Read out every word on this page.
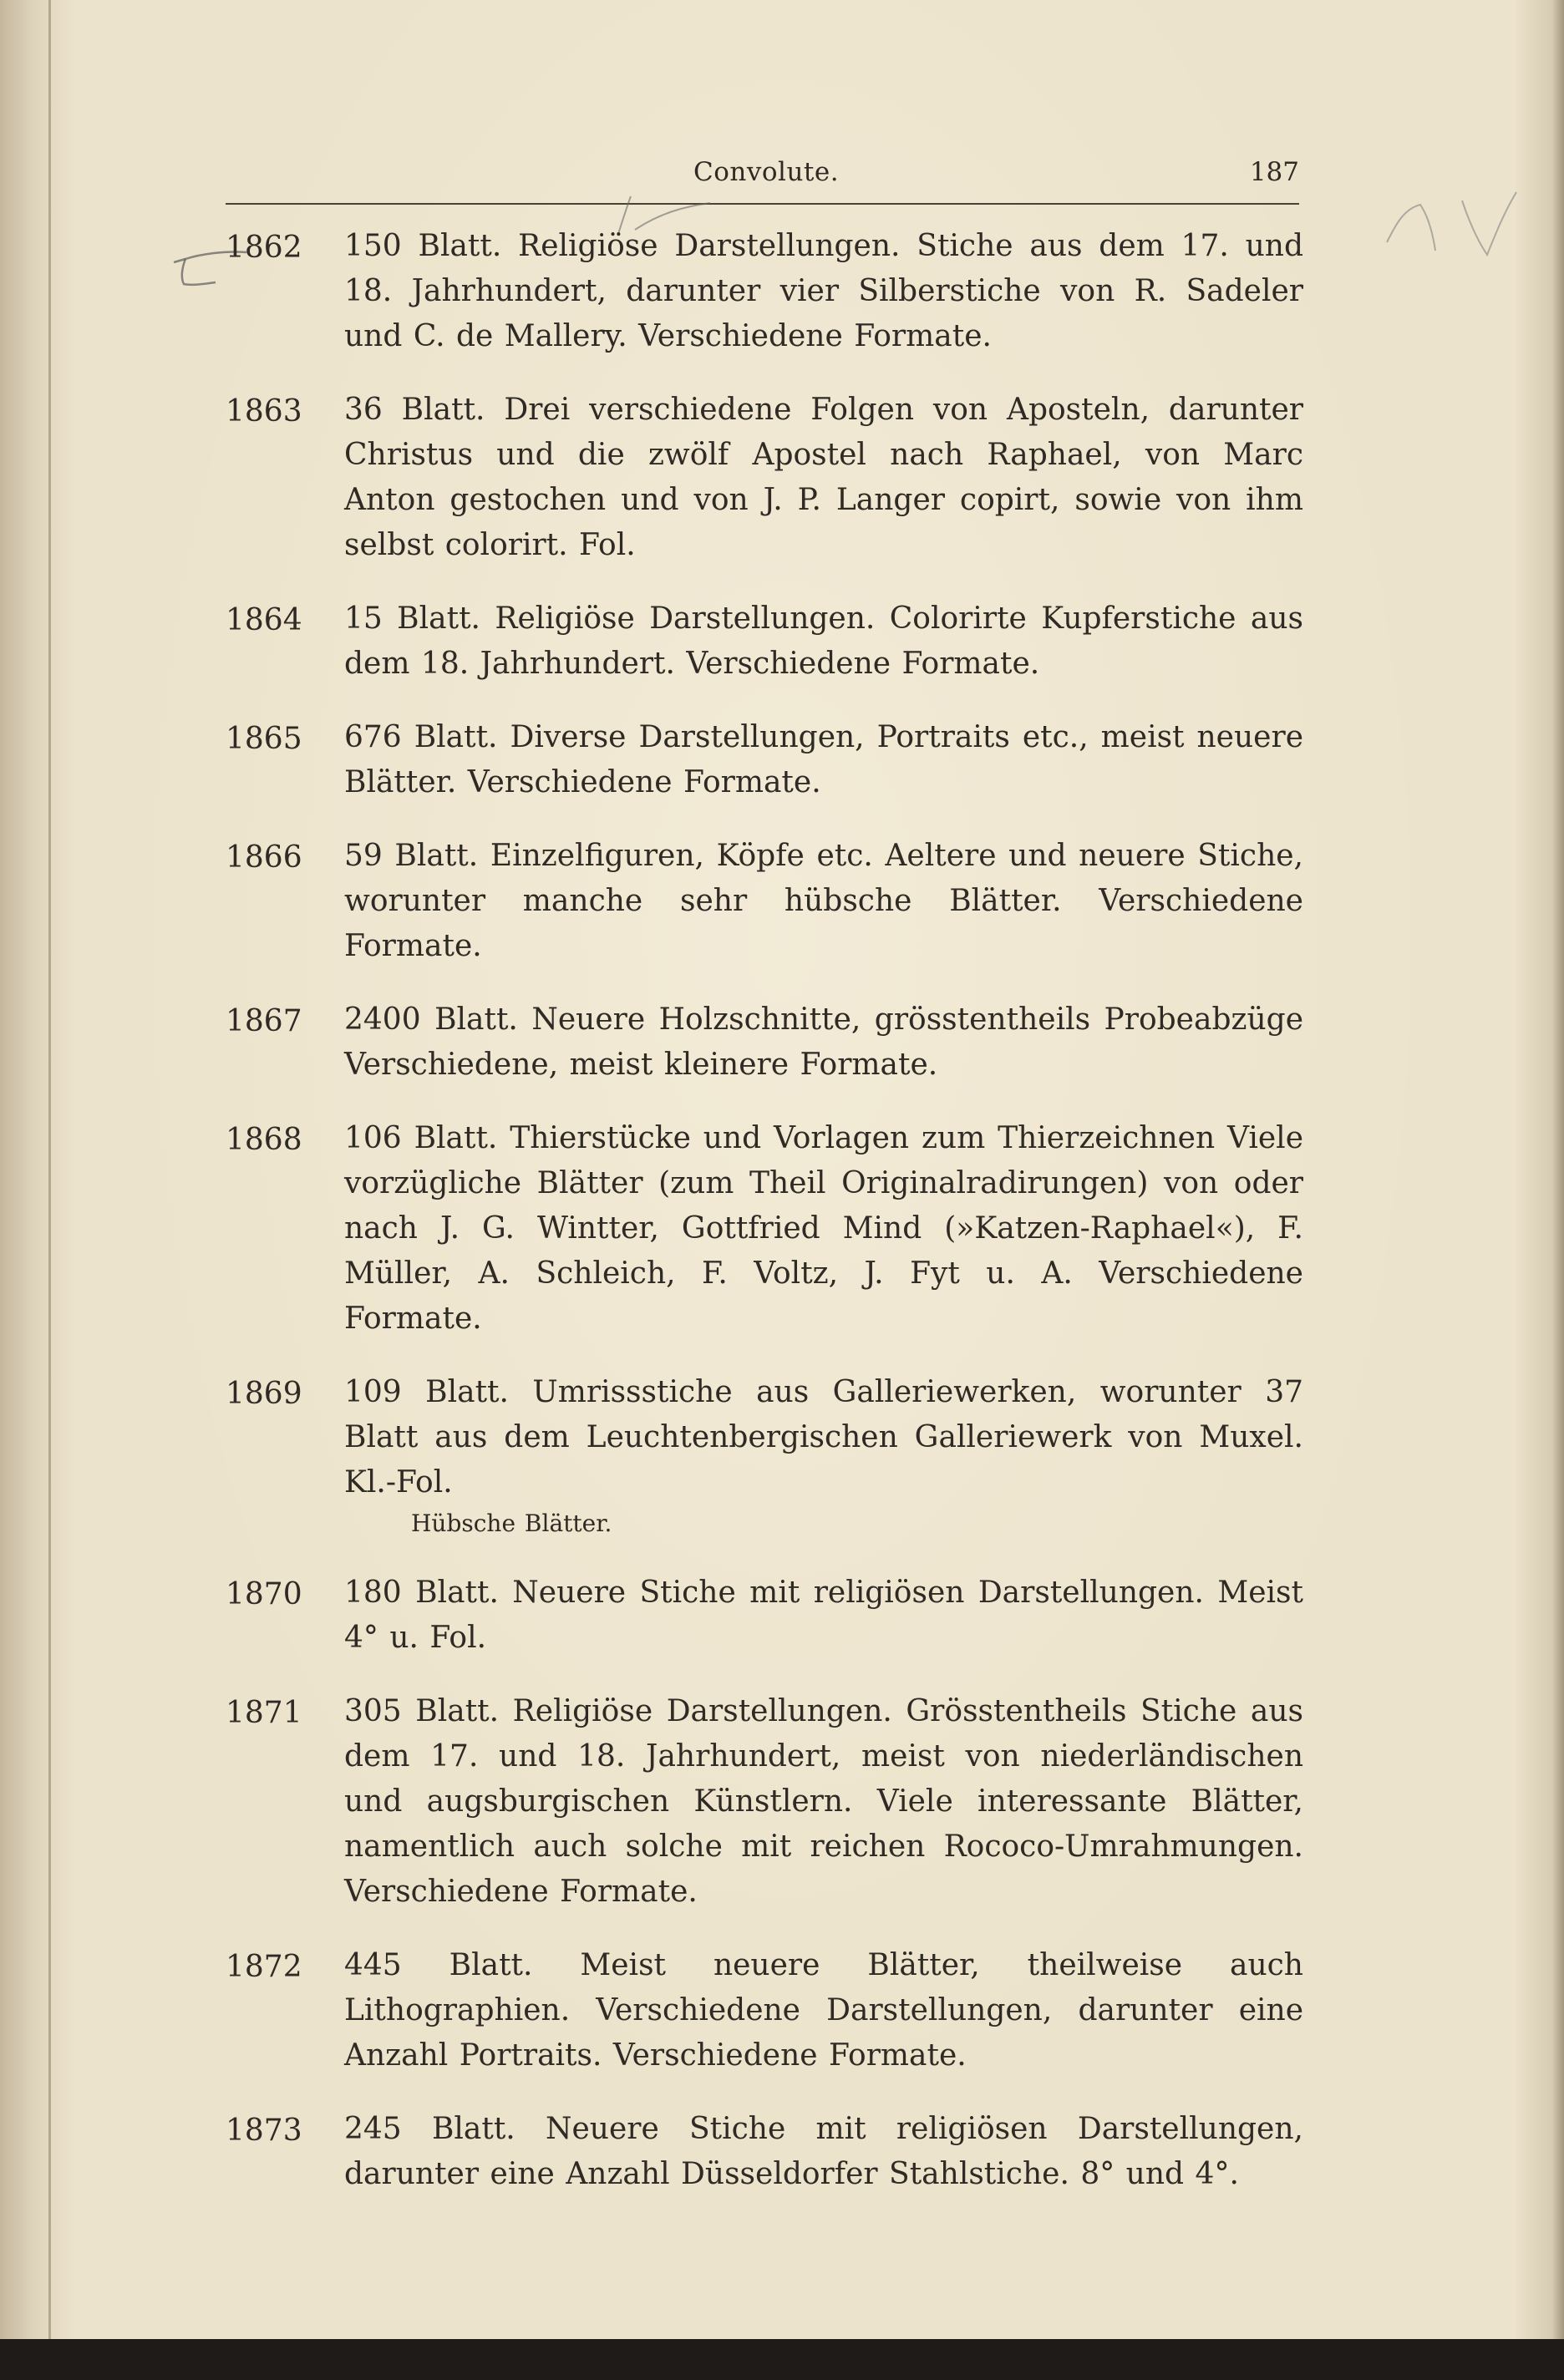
Convolute.	187
1862	150 Blatt. Religiöse Darstellungen. Stiche aus dem 17. und 18. Jahrhundert, darunter vier Silberstiche von R. Sadeler und C. de Mallery. Verschiedene Formate.
1863	36 Blatt. Drei verschiedene Folgen von Aposteln, darunter Christus und die zwölf Apostel nach Raphael, von Marc Anton gestochen und von J. P. Langer copirt, sowie von ihm selbst colorirt. Fol.
1864	15 Blatt. Religiöse Darstellungen. Colorirte Kupferstiche aus dem 18. Jahrhundert. Verschiedene Formate.
1865	676 Blatt. Diverse Darstellungen, Portraits etc., meist neuere Blätter. Verschiedene Formate.
1866	59 Blatt. Einzelfiguren, Köpfe etc. Aeltere und neuere Stiche, worunter manche sehr hübsche Blätter. Verschiedene Formate.
1867	2400 Blatt. Neuere Holzschnitte, grösstentheils Probeabzüge Verschiedene, meist kleinere Formate.
1868	106 Blatt. Thierstücke und Vorlagen zum Thierzeichnen Viele vorzügliche Blätter (zum Theil Originalradirungen) von oder nach J. G. Wintter, Gottfried Mind (»Katzen-Raphael«), F. Müller, A. Schleich, F. Voltz, J. Fyt u. A. Verschiedene Formate.
1869	109 Blatt. Umrissstiche aus Galleriewerken, worunter 37 Blatt aus dem Leuchtenbergischen Galleriewerk von Muxel. Kl.-Fol.
Hübsche Blätter.
1870	180 Blatt. Neuere Stiche mit religiösen Darstellungen. Meist 4° u. Fol.
1871	305 Blatt. Religiöse Darstellungen. Grösstentheils Stiche aus dem 17. und 18. Jahrhundert, meist von niederländischen und augsburgischen Künstlern. Viele interessante Blätter, namentlich auch solche mit reichen Rococo-Umrahmungen. Verschiedene Formate.
1872	445 Blatt. Meist neuere Blätter, theilweise auch Lithographien. Verschiedene Darstellungen, darunter eine Anzahl Portraits. Verschiedene Formate.
1873	245 Blatt. Neuere Stiche mit religiösen Darstellungen, darunter eine Anzahl Düsseldorfer Stahlstiche. 8° und 4°.
